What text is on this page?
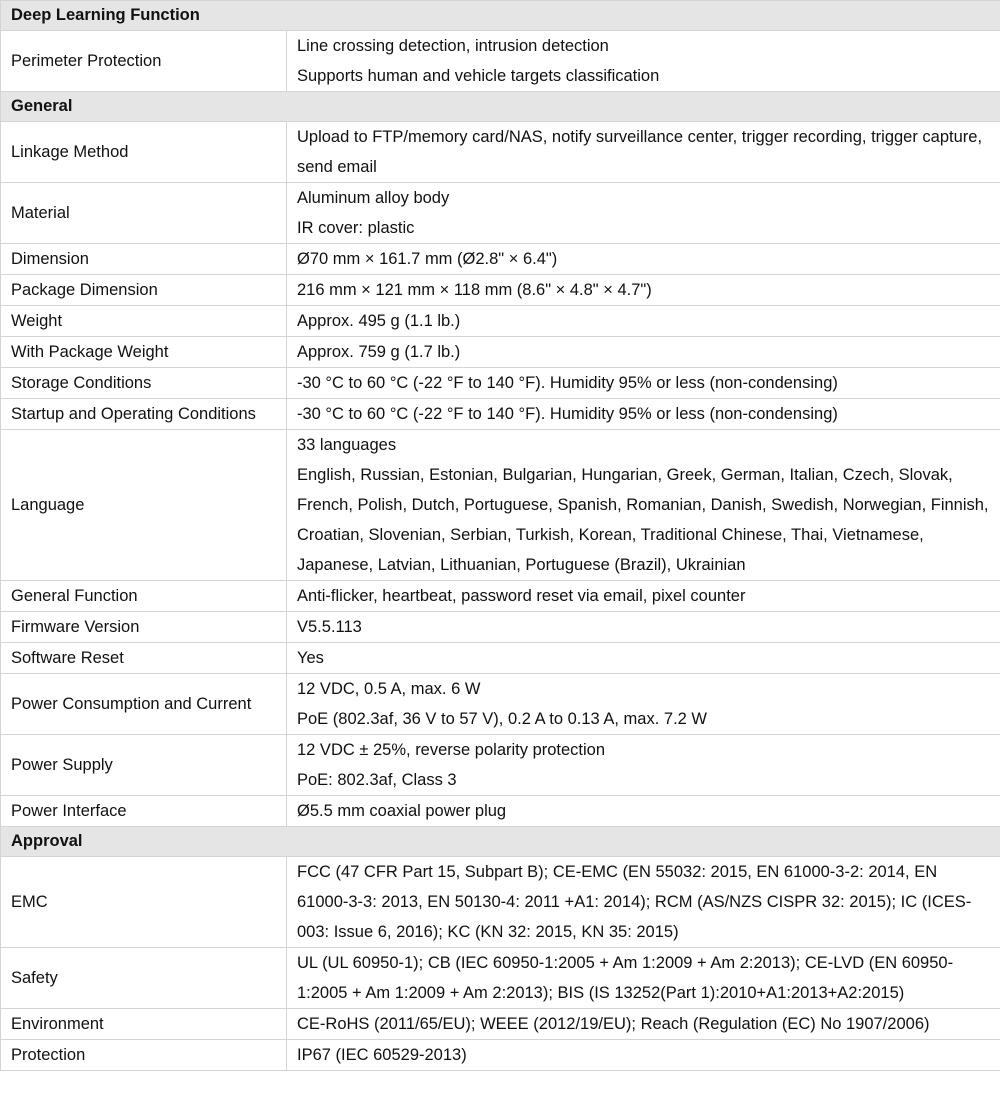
Deep Learning Function	
Perimeter Protection	Line crossing detection, intrusion detection
Supports human and vehicle targets classification

General	
Linkage Method	Upload to FTP/memory card/NAS, notify surveillance center, trigger recording, trigger capture, send email

Material	Aluminum alloy body
IR cover: plastic

Dimension	Ø70 mm × 161.7 mm (Ø2.8" × 6.4")

Package Dimension	216 mm × 121 mm × 118 mm (8.6" × 4.8" × 4.7")

Weight	Approx. 495 g (1.1 lb.)

With Package Weight	Approx. 759 g (1.7 lb.)

Storage Conditions	-30 °C to 60 °C (-22 °F to 140 °F). Humidity 95% or less (non-condensing)

Startup and Operating Conditions	-30 °C to 60 °C (-22 °F to 140 °F). Humidity 95% or less (non-condensing)

Language	33 languages
English, Russian, Estonian, Bulgarian, Hungarian, Greek, German, Italian, Czech, Slovak, French, Polish, Dutch, Portuguese, Spanish, Romanian, Danish, Swedish, Norwegian, Finnish, Croatian, Slovenian, Serbian, Turkish, Korean, Traditional Chinese, Thai, Vietnamese, Japanese, Latvian, Lithuanian, Portuguese (Brazil), Ukrainian

General Function	Anti-flicker, heartbeat, password reset via email, pixel counter

Firmware Version	V5.5.113

Software Reset	Yes

Power Consumption and Current	12 VDC, 0.5 A, max. 6 W
PoE (802.3af, 36 V to 57 V), 0.2 A to 0.13 A, max. 7.2 W

Power Supply	12 VDC ± 25%, reverse polarity protection
PoE: 802.3af, Class 3

Power Interface	Ø5.5 mm coaxial power plug

Approval	
EMC	FCC (47 CFR Part 15, Subpart B); CE-EMC (EN 55032: 2015, EN 61000-3-2: 2014, EN 61000-3-3: 2013, EN 50130-4: 2011 +A1: 2014); RCM (AS/NZS CISPR 32: 2015); IC (ICES-003: Issue 6, 2016); KC (KN 32: 2015, KN 35: 2015)

Safety	UL (UL 60950-1); CB (IEC 60950-1:2005 + Am 1:2009 + Am 2:2013); CE-LVD (EN 60950-1:2005 + Am 1:2009 + Am 2:2013); BIS (IS 13252(Part 1):2010+A1:2013+A2:2015)

Environment	CE-RoHS (2011/65/EU); WEEE (2012/19/EU); Reach (Regulation (EC) No 1907/2006)

Protection	IP67 (IEC 60529-2013)
